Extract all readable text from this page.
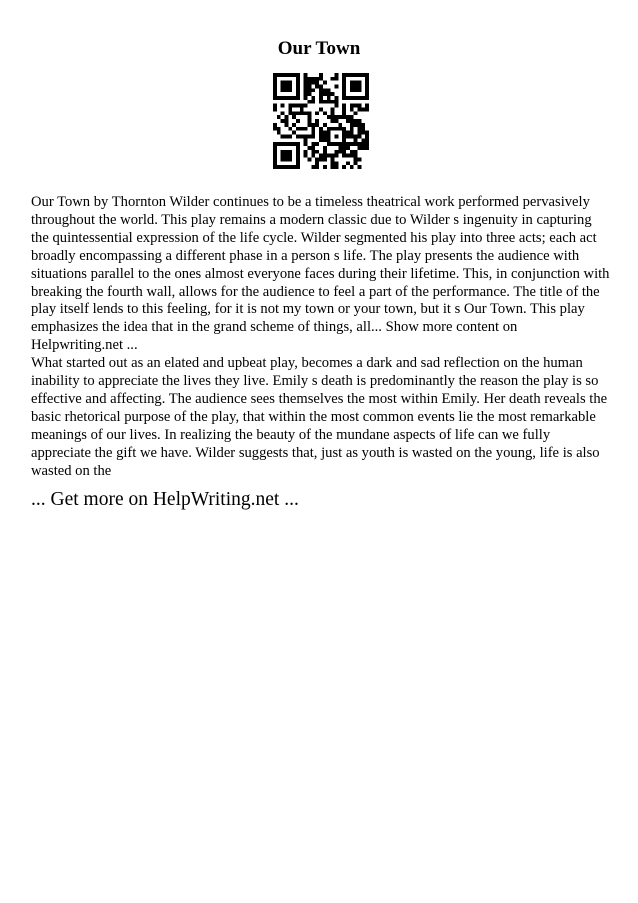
Our Town

Our Town by Thornton Wilder continues to be a timeless theatrical work performed pervasively throughout the world. This play remains a modern classic due to Wilder s ingenuity in capturing the quintessential expression of the life cycle. Wilder segmented his play into three acts; each act broadly encompassing a different phase in a person s life. The play presents the audience with situations parallel to the ones almost everyone faces during their lifetime. This, in conjunction with breaking the fourth wall, allows for the audience to feel a part of the performance. The title of the play itself lends to this feeling, for it is not my town or your town, but it s Our Town. This play emphasizes the idea that in the grand scheme of things, all... Show more content on Helpwriting.net ...

What started out as an elated and upbeat play, becomes a dark and sad reflection on the human inability to appreciate the lives they live. Emily s death is predominantly the reason the play is so effective and affecting. The audience sees themselves the most within Emily. Her death reveals the basic rhetorical purpose of the play, that within the most common events lie the most remarkable meanings of our lives. In realizing the beauty of the mundane aspects of life can we fully appreciate the gift we have. Wilder suggests that, just as youth is wasted on the young, life is also wasted on the

... Get more on HelpWriting.net ...
